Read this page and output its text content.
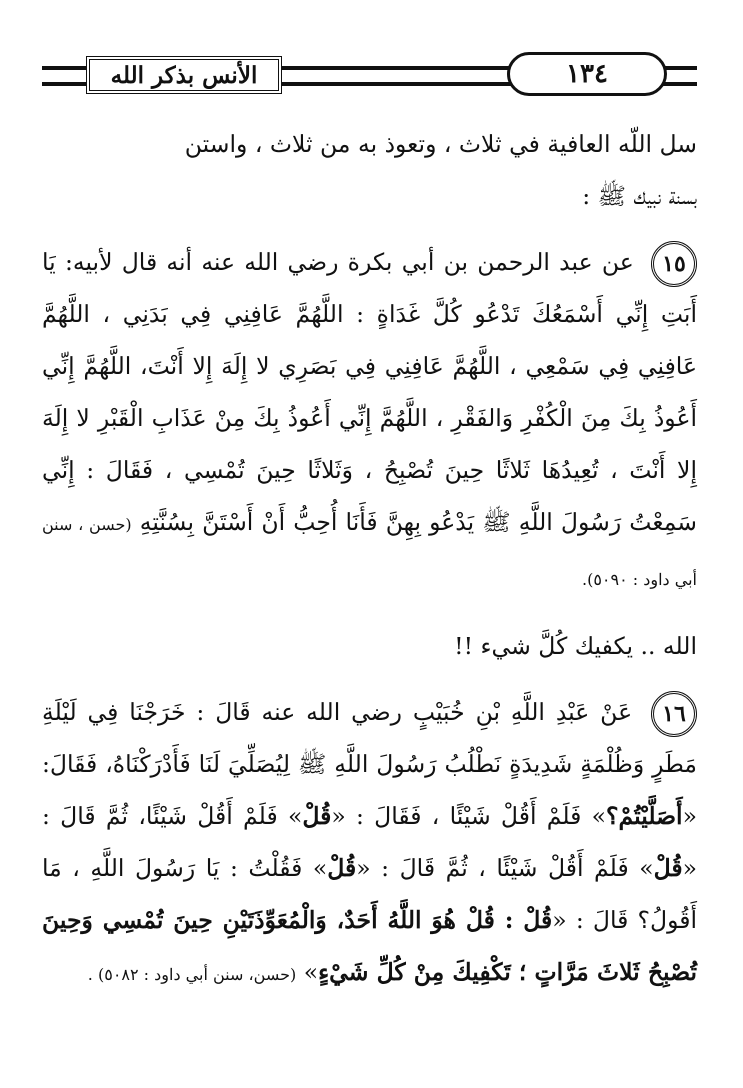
الأنس بذكر الله	١٣٤

سل اللّه العافية في ثلاث ، وتعوذ به من ثلاث ، واستن
بسنة نبيك ﷺ :

١٥ عن عبد الرحمن بن أبي بكرة رضي الله عنه أنه قال لأبيه: يَا أَبَتِ إِنِّي أَسْمَعُكَ تَدْعُو كُلَّ غَدَاةٍ : اللَّهُمَّ عَافِنِي فِي بَدَنِي ، اللَّهُمَّ عَافِنِي فِي سَمْعِي ، اللَّهُمَّ عَافِنِي فِي بَصَرِي لا إِلَهَ إِلا أَنْتَ، اللَّهُمَّ إِنِّي أَعُوذُ بِكَ مِنَ الْكُفْرِ وَالفَقْرِ ، اللَّهُمَّ إِنِّي أَعُوذُ بِكَ مِنْ عَذَابِ الْقَبْرِ لا إِلَهَ إِلا أَنْتَ ، تُعِيدُهَا ثَلاثًا حِينَ تُصْبِحُ ، وَثَلاثًا حِينَ تُمْسِي ، فَقَالَ : إِنِّي سَمِعْتُ رَسُولَ اللَّهِ ﷺ يَدْعُو بِهِنَّ فَأَنَا أُحِبُّ أَنْ أَسْتَنَّ بِسُنَّتِهِ (حسن ، سنن أبي داود : ٥٠٩٠).

الله .. يكفيك كُلَّ شيء !!

١٦ عَنْ عَبْدِ اللَّهِ بْنِ خُبَيْبٍ رضي الله عنه قَالَ : خَرَجْنَا فِي لَيْلَةِ مَطَرٍ وَظُلْمَةٍ شَدِيدَةٍ نَطْلُبُ رَسُولَ اللَّهِ ﷺ لِيُصَلِّيَ لَنَا فَأَدْرَكْنَاهُ، فَقَالَ: «أَصَلَّيْتُمْ؟» فَلَمْ أَقُلْ شَيْئًا ، فَقَالَ : «قُلْ» فَلَمْ أَقُلْ شَيْئًا، ثُمَّ قَالَ : «قُلْ» فَلَمْ أَقُلْ شَيْئًا ، ثُمَّ قَالَ : «قُلْ» فَقُلْتُ : يَا رَسُولَ اللَّهِ ، مَا أَقُولُ؟ قَالَ : «قُلْ : قُلْ هُوَ اللَّهُ أَحَدٌ، وَالْمُعَوِّذَتَيْنِ حِينَ تُمْسِي وَحِينَ تُصْبِحُ ثَلاثَ مَرَّاتٍ ؛ تَكْفِيكَ مِنْ كُلِّ شَيْءٍ» (حسن، سنن أبي داود : ٥٠٨٢) .
